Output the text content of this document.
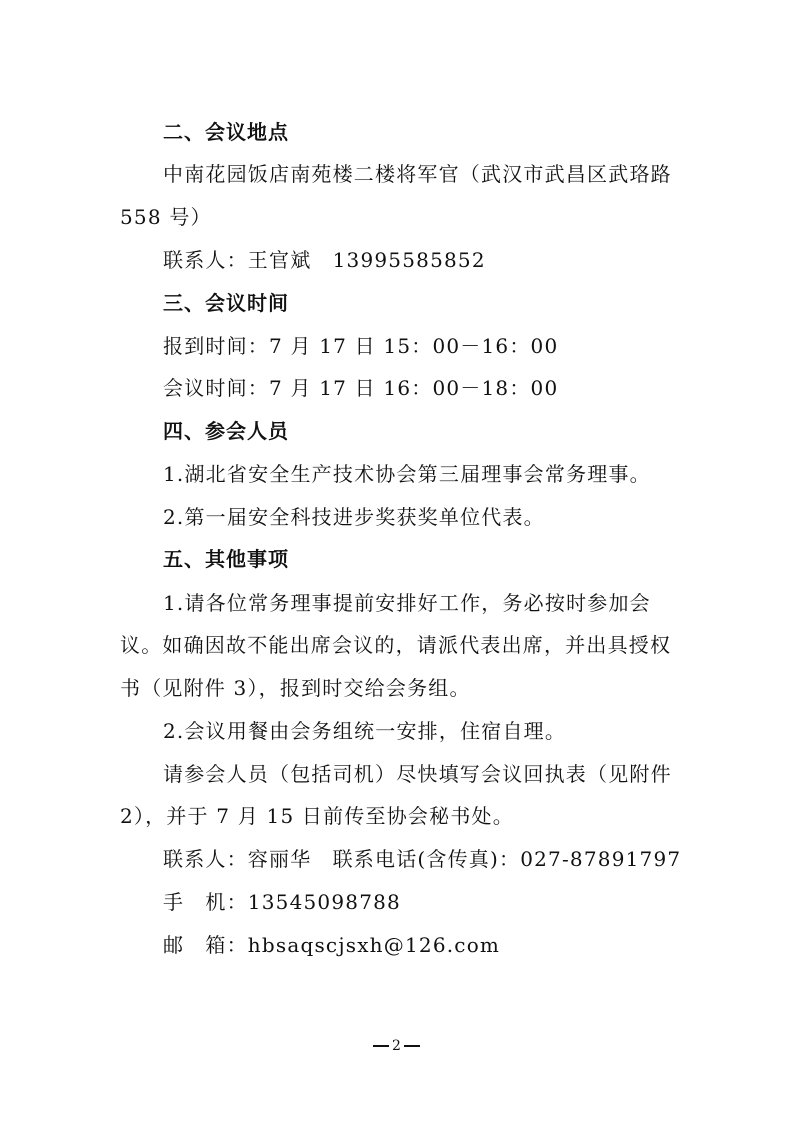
二、会议地点
中南花园饭店南苑楼二楼将军官（武汉市武昌区武珞路
558 号）
联系人：王官斌　13995585852
三、会议时间
报到时间：7 月 17 日 15：00－16：00
会议时间：7 月 17 日 16：00－18：00
四、参会人员
1.湖北省安全生产技术协会第三届理事会常务理事。
2.第一届安全科技进步奖获奖单位代表。
五、其他事项
1.请各位常务理事提前安排好工作，务必按时参加会
议。如确因故不能出席会议的，请派代表出席，并出具授权
书（见附件 3），报到时交给会务组。
2.会议用餐由会务组统一安排，住宿自理。
请参会人员（包括司机）尽快填写会议回执表（见附件
2），并于 7 月 15 日前传至协会秘书处。
联系人：容丽华　联系电话(含传真)：027-87891797
手　机：13545098788
邮　箱：hbsaqscjsxh@126.com
2
